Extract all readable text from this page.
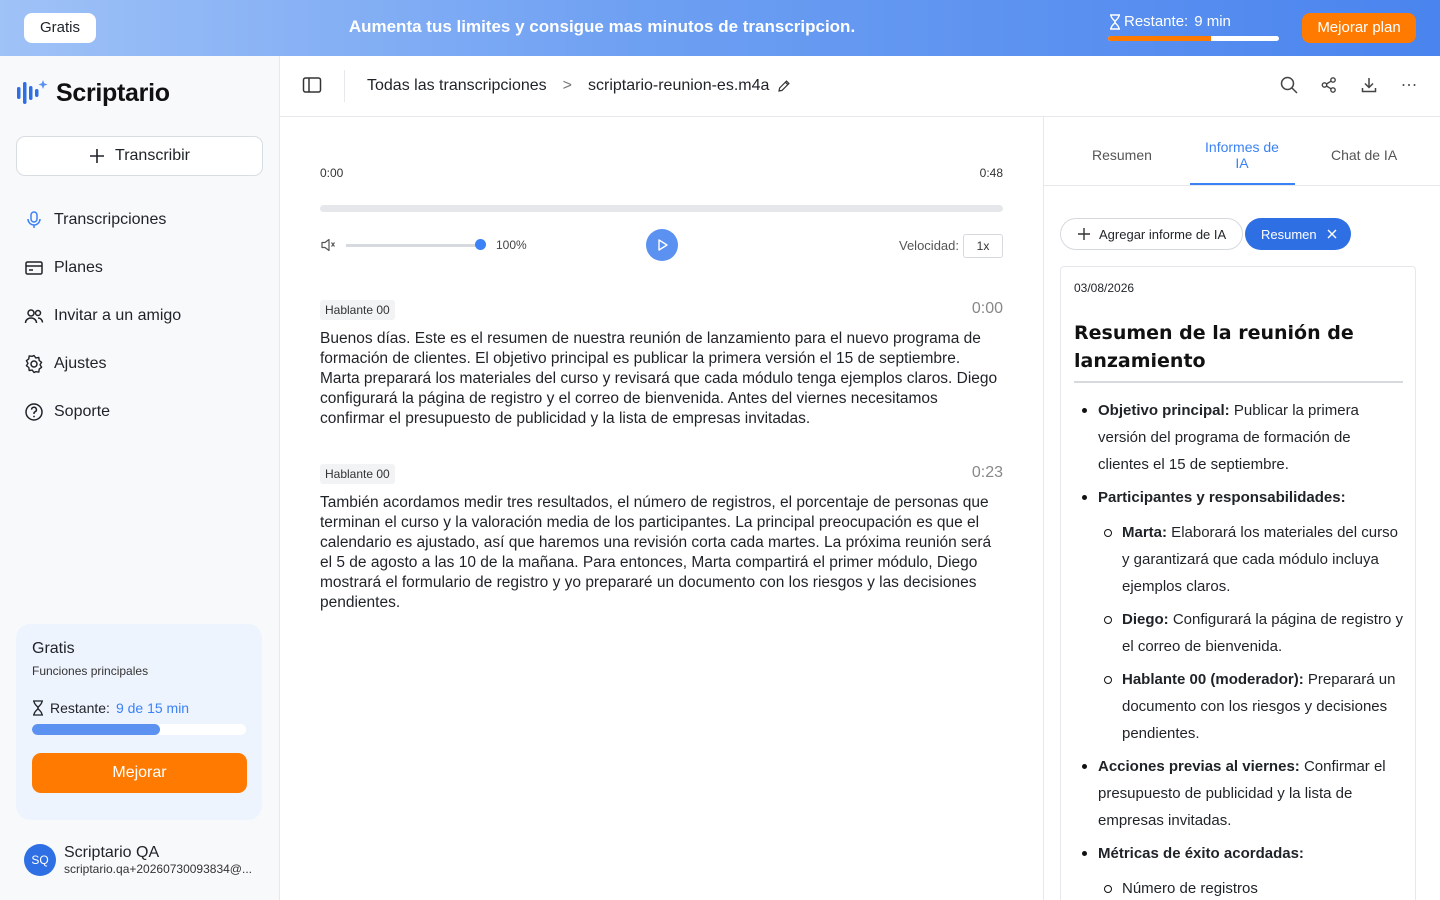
Gratis	Aumenta tus limites y consigue mas minutos de transcripcion.	Restante: 9 min	Mejorar plan
Scriptario
Transcribir
Transcripciones
Planes
Invitar a un amigo
Ajustes
Soporte
Gratis
Funciones principales
Restante: 9 de 15 min
Mejorar
SQ Scriptario QA
scriptario.qa+20260730093834@...
Todas las transcripciones > scriptario-reunion-es.m4a
0:00	0:48
100%	Velocidad:	1x
Hablante 00	0:00

Buenos días. Este es el resumen de nuestra reunión de lanzamiento para el nuevo programa de formación de clientes. El objetivo principal es publicar la primera versión el 15 de septiembre. Marta preparará los materiales del curso y revisará que cada módulo tenga ejemplos claros. Diego configurará la página de registro y el correo de bienvenida. Antes del viernes necesitamos confirmar el presupuesto de publicidad y la lista de empresas invitadas.

Hablante 00	0:23

También acordamos medir tres resultados, el número de registros, el porcentaje de personas que terminan el curso y la valoración media de los participantes. La principal preocupación es que el calendario es ajustado, así que haremos una revisión corta cada martes. La próxima reunión será el 5 de agosto a las 10 de la mañana. Para entonces, Marta compartirá el primer módulo, Diego mostrará el formulario de registro y yo prepararé un documento con los riesgos y las decisiones pendientes.

Resumen	Informes de IA	Chat de IA
Agregar informe de IA	Resumen
03/08/2026
Resumen de la reunión de lanzamiento
Objetivo principal: Publicar la primera versión del programa de formación de clientes el 15 de septiembre.
Participantes y responsabilidades:
Marta: Elaborará los materiales del curso y garantizará que cada módulo incluya ejemplos claros.
Diego: Configurará la página de registro y el correo de bienvenida.
Hablante 00 (moderador): Preparará un documento con los riesgos y decisiones pendientes.
Acciones previas al viernes: Confirmar el presupuesto de publicidad y la lista de empresas invitadas.
Métricas de éxito acordadas:
Número de registros
